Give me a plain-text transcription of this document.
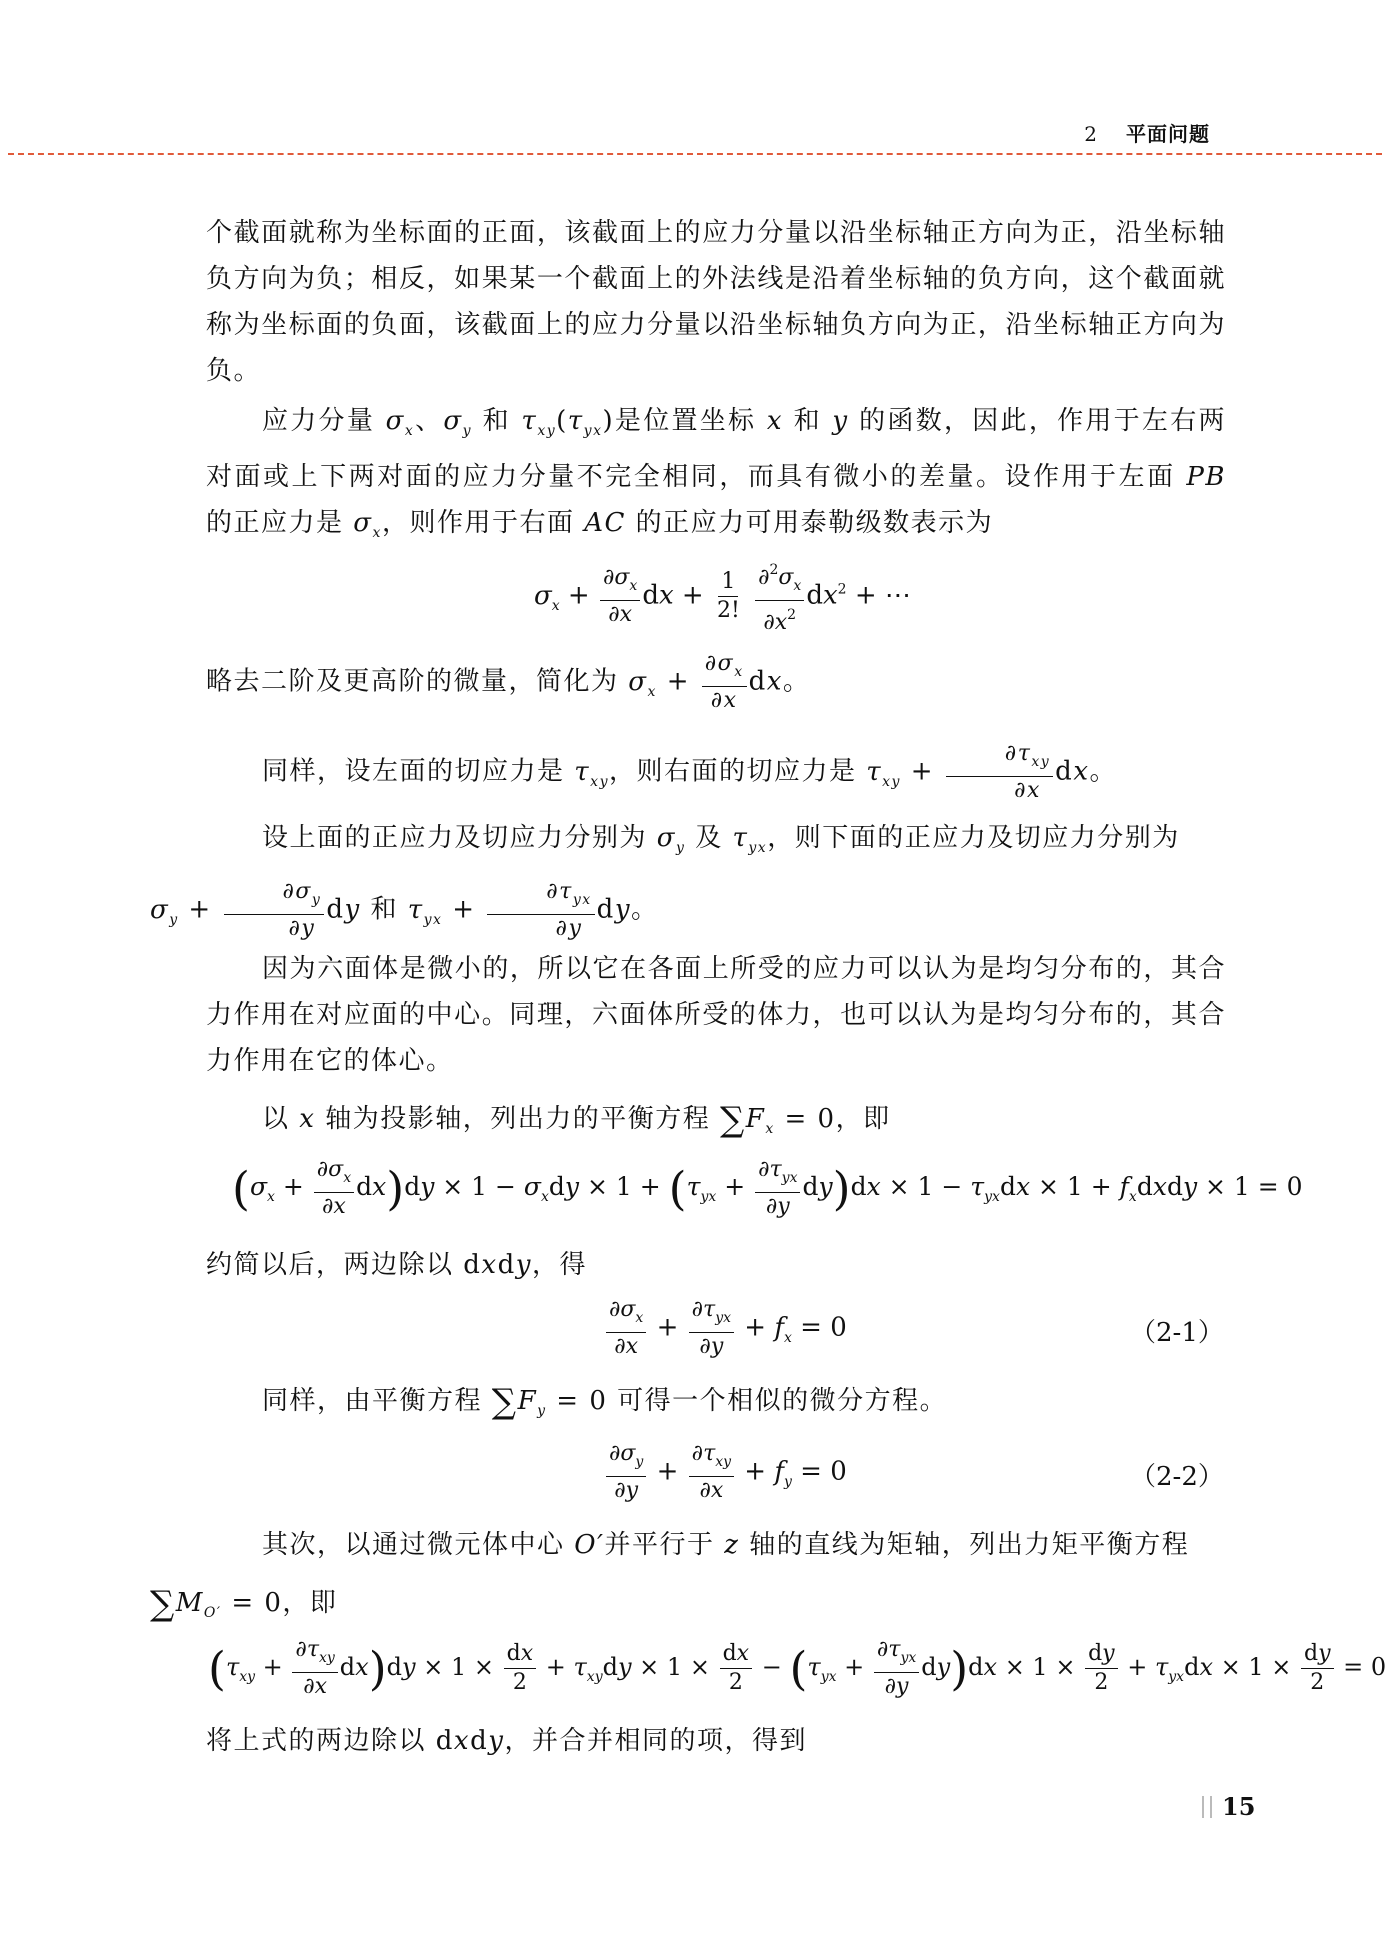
2 平面问题
个截面就称为坐标面的正面，该截面上的应力分量以沿坐标轴正方向为正，沿坐标轴负方向为负；相反，如果某一个截面上的外法线是沿着坐标轴的负方向，这个截面就称为坐标面的负面，该截面上的应力分量以沿坐标轴负方向为正，沿坐标轴正方向为负。
应力分量 $\sigma_x$、$\sigma_y$ 和 $\tau_{xy}(\tau_{yx})$是位置坐标 x 和 y 的函数，因此，作用于左右两对面或上下两对面的应力分量不完全相同，而具有微小的差量。设作用于左面 PB 的正应力是 $\sigma_x$，则作用于右面 AC 的正应力可用泰勒级数表示为
$\sigma_x + \frac{\partial\sigma_x}{\partial x}$ dx + $\frac{1}{2!}$
$\frac{\partial^2\sigma_x}{\partial x^2} dx^2$ + ⋯
略去二阶及更高阶的微量，简化为 $\sigma_x + \frac{\partial\sigma_x}{\partial x}$ dx。
同样，设左面的切应力是 $\tau_{xy}$，则右面的切应力是 $\tau_{xy} + \frac{\partial\tau_{xy}}{\partial x}$ dx。
设上面的正应力及切应力分别为 $\sigma_y$ 及 $\tau_{yx}$，则下面的正应力及切应力分别为
$\sigma_y + \frac{\partial\sigma_y}{\partial y}$ dy 和 $\tau_{yx} + \frac{\partial\tau_{yx}}{\partial y}$ dy。
因为六面体是微小的，所以它在各面上所受的应力可以认为是均匀分布的，其合力作用在对应面的中心。同理，六面体所受的体力，也可以认为是均匀分布的，其合力作用在它的体心。
以 x 轴为投影轴，列出力的平衡方程 $\sum F_x = 0$，即
$(\sigma_x + \frac{\partial\sigma_x}{\partial x} dx)dy \times 1 - \sigma_xdy \times 1 + (\tau_{yx} + \frac{\partial\tau_{yx}}{\partial y} dy)dx \times 1 - \tau_{yx}dx \times 1$ + $f_xdxdy \times 1 = 0$
约简以后，两边除以 dxdy，得
$\frac{\partial\sigma_x}{\partial x} + \frac{\partial\tau_{yx}}{\partial y} + f_x = 0$	（2-1）
同样，由平衡方程 $\sum F_y = 0$ 可得一个相似的微分方程。
$\frac{\partial\sigma_y}{\partial y} + \frac{\partial\tau_{xy}}{\partial x} + f_y = 0$	（2-2）
其次，以通过微元体中心 O′并平行于 z 轴的直线为矩轴，列出力矩平衡方程
$\sum M_{O'} = 0$，即
$(\tau_{xy} + \frac{\partial\tau_{xy}}{\partial x} dx)dy \times 1 \times \frac{dx}{2} + \tau_{xy}dy \times 1 \times \frac{dx}{2} - (\tau_{yx} + \frac{\partial\tau_{yx}}{\partial y} dy)dx \times 1 \times \frac{dy}{2} + \tau_{yx}dx \times 1 \times \frac{dy}{2} = 0$
将上式的两边除以 dxdy，并合并相同的项，得到
15
